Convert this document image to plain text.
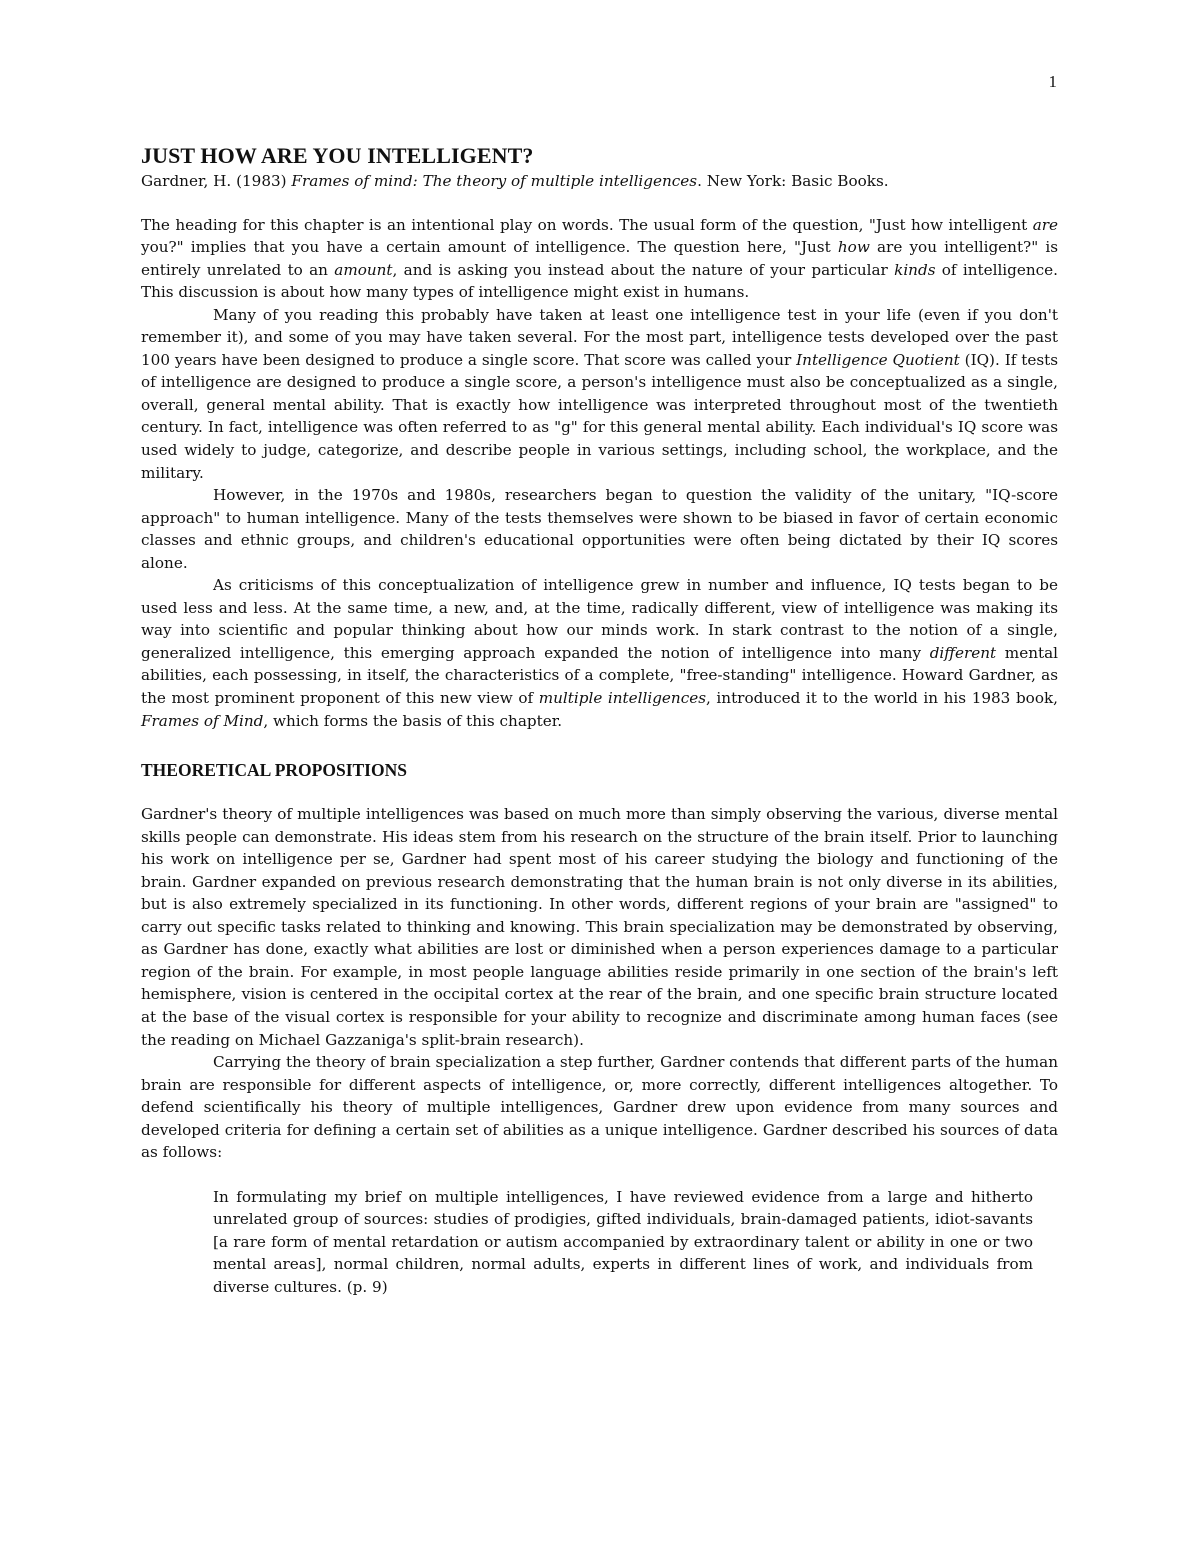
1
JUST HOW ARE YOU INTELLIGENT?

Gardner, H. (1983) Frames of mind: The theory of multiple intelligences. New York: Basic Books.

The heading for this chapter is an intentional play on words. The usual form of the question, "Just how intelligent are you?" implies that you have a certain amount of intelligence. The question here, "Just how are you intelligent?" is entirely unrelated to an amount, and is asking you instead about the nature of your particular kinds of intelligence. This discussion is about how many types of intelligence might exist in humans.

Many of you reading this probably have taken at least one intelligence test in your life (even if you don't remember it), and some of you may have taken several. For the most part, intelligence tests developed over the past 100 years have been designed to produce a single score. That score was called your Intelligence Quotient (IQ). If tests of intelligence are designed to produce a single score, a person's intelligence must also be conceptualized as a single, overall, general mental ability. That is exactly how intelligence was interpreted throughout most of the twentieth century. In fact, intelligence was often referred to as "g" for this general mental ability. Each individual's IQ score was used widely to judge, categorize, and describe people in various settings, including school, the workplace, and the military.

However, in the 1970s and 1980s, researchers began to question the validity of the unitary, "IQ-score approach" to human intelligence. Many of the tests themselves were shown to be biased in favor of certain economic classes and ethnic groups, and children's educational opportunities were often being dictated by their IQ scores alone.

As criticisms of this conceptualization of intelligence grew in number and influence, IQ tests began to be used less and less. At the same time, a new, and, at the time, radically different, view of intelligence was making its way into scientific and popular thinking about how our minds work. In stark contrast to the notion of a single, generalized intelligence, this emerging approach expanded the notion of intelligence into many different mental abilities, each possessing, in itself, the characteristics of a complete, "free-standing" intelligence. Howard Gardner, as the most prominent proponent of this new view of multiple intelligences, introduced it to the world in his 1983 book, Frames of Mind, which forms the basis of this chapter.

THEORETICAL PROPOSITIONS

Gardner's theory of multiple intelligences was based on much more than simply observing the various, diverse mental skills people can demonstrate. His ideas stem from his research on the structure of the brain itself. Prior to launching his work on intelligence per se, Gardner had spent most of his career studying the biology and functioning of the brain. Gardner expanded on previous research demonstrating that the human brain is not only diverse in its abilities, but is also extremely specialized in its functioning. In other words, different regions of your brain are "assigned" to carry out specific tasks related to thinking and knowing. This brain specialization may be demonstrated by observing, as Gardner has done, exactly what abilities are lost or diminished when a person experiences damage to a particular region of the brain. For example, in most people language abilities reside primarily in one section of the brain's left hemisphere, vision is centered in the occipital cortex at the rear of the brain, and one specific brain structure located at the base of the visual cortex is responsible for your ability to recognize and discriminate among human faces (see the reading on Michael Gazzaniga's split-brain research).

Carrying the theory of brain specialization a step further, Gardner contends that different parts of the human brain are responsible for different aspects of intelligence, or, more correctly, different intelligences altogether. To defend scientifically his theory of multiple intelligences, Gardner drew upon evidence from many sources and developed criteria for defining a certain set of abilities as a unique intelligence. Gardner described his sources of data as follows:

In formulating my brief on multiple intelligences, I have reviewed evidence from a large and hitherto unrelated group of sources: studies of prodigies, gifted individuals, brain-damaged patients, idiot-savants [a rare form of mental retardation or autism accompanied by extraordinary talent or ability in one or two mental areas], normal children, normal adults, experts in different lines of work, and individuals from diverse cultures. (p. 9)
